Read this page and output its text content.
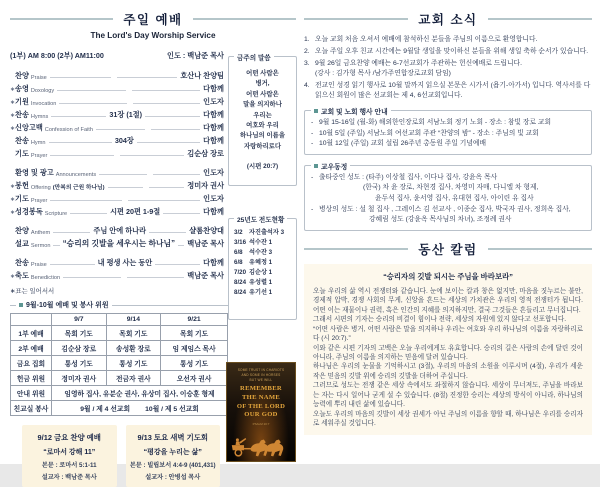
주일 예배
The Lord's Day Worship Service
(1부) AM 8:00 (2부) AM11:00	인도 : 백남준 목사
찬양 Praise	호산나 찬양팀
∗ 송영 Doxology	다함께
∗ 기원 Invocation	인도자
∗ 찬송 Hymns	31장 (1절)	다함께
∗ 신앙고백 Confession of Faith	다함께
찬송 Hymn	304장	다함께
기도 Prayer	김순삼 장로
환영 및 광고 Announcements	인도자
∗ 봉헌 Offering (만복의 근원 하나님)	정미자 권사
∗ 기도 Prayer	인도자
∗ 성경봉독 Scripture	시편 20편 1-9절	다함께
찬양 Anthem	주님 안에 하나라	샬롬찬양대
설교 Sermon “승리의 깃발을 세우시는 하나님” 백남준 목사
찬송 Praise	내 평생 사는 동안	다함께
∗ 축도 Benediction	백남준 목사
∗표는 일어서서
9월-10월 예배 및 봉사 위원
	9/7	9/14	9/21
1부 예배	목회 기도	목회 기도	목회 기도
2부 예배	김순삼 장로	송성환 장로	임 제임스 목사
금요 집회	통성 기도	통성 기도	통성 기도
헌금 위원	정미자 권사	전금자 권사	오선자 권사
안내 위원	임영하 집사, 유분순 권사, 유상미 집사, 이승훈 형제		
친교실 봉사	9월 / 제 4 선교회        10월 / 제 5 선교회		
9/12 금요 찬양 예배
“로마서 강해 11”
본문 : 로마서 5:1-11
설교자 : 백남준 목사
9/13 토요 새벽 기도회
“평강을 누리는 삶”
본문 : 빌립보서 4:4-9 (401,431)
설교자 : 안병섭 목사
금주의 말씀
어떤 사람은
병거,
어떤 사람은
말을 의지하나
우리는
여호와 우리
하나님의 이름을
자랑하리로다
(시편 20:7)
25년도 전도현황
3/2	자진출석자 3
3/16 석수잔 1
6/8	석수잔 3
6/8	유혜정 1
7/20 김순상 1
8/24 유성렬 1
8/24 유기선 1
SOME TRUST IN CHARIOTS
AND SOME IN HORSES
BUT WE WILL
REMEMBER
THE NAME
OF THE LORD
OUR GOD
PSALM 20:7
교회 소식
1. 오늘 교회 처음 오셔서 예배에 참석하신 분들을 주님의 이름으로 환영합니다.
2. 오늘 주일 오후 친교 시간에는 9월달 생일을 맞이하신 분들을 위해 생일 축하 순서가 있습니다.
3. 9월 26일 금요찬양 예배는 6-7선교회가 주관하는 헌신예배로 드립니다.
(강사 : 김가형 목사 /남가주연합장로교회 담임)
4. 전교인 성경 읽기 행사로 10월 말까지 읽으실 본문은 시가서 (욥기-아가서) 입니다. 역사서를 다 읽으신 회원이 많은 선교회는 제 4, 6선교회입니다.
교회 및 노회 행사 안내
- 9월 15-16일 (월-화) 해외한인장로회 서남노회 정기 노회 - 장소 : 참빛 장로 교회
- 10월 5일 (주일) 서남노회 여선교회 주관 “찬양의 밤” - 장소 : 주님의 빛 교회
- 10월 12일 (주일) 교회 설립 26주년 총동원 주일 기념예배
교우동정
- 출타중인 성도 : (타주) 이상철 집사, 이다나 집사, 강윤옥 목사
(한국) 차 윤 장로, 차현경 집사, 차영미 자매, 다니엘 차 형제,
윤두석 집사, 윤서영 집사, 유대현 집사, 아이린 유 집사
- 병상의 성도 : 설 철 집사 , 그레이스 김 선교사 , 이종순 집사, 박국자 권사, 정희옥 집사,
강혜림 성도 (강윤옥 목사님의 차녀), 조정례 권사
동산 칼럼
“승리자의 깃발 되시는 주님을 바라보라”
오늘 우리의 삶 역시 전쟁터와 같습니다. 눈에 보이는 칼과 창은 없지만, 마음을 짓누르는 불안, 경제적 압박, 경쟁 사회의 무게, 신앙을 흔드는 세상의 가치관은 우리의 영적 전쟁터가 됩니다. 어떤 이는 재물이나 권력, 혹은 인간의 지혜를 의지하지만, 결국 그것들은 흔들리고 무너집니다.
그래서 시편의 기자는 승리의 비결이 힘이나 전략, 세상의 자원에 있지 않다고 선포합니다.
“어떤 사람은 병거, 어떤 사람은 말을 의지하나 우리는 여호와 우리 하나님의 이름을 자랑하리로다 (시 20:7).”
이와 같은 시편 기자의 고백은 오늘 우리에게도 유효합니다. 승리의 길은 사람의 손에 달린 것이 아니라, 주님의 이름을 의지하는 믿음에 달려 있습니다.
하나님은 우리의 눈물을 기억하시고 (3절), 우리의 마음의 소원을 이루시며 (4절), 우리가 세운 작은 믿음의 깃발 위에 승리의 깃발을 더하여 주십니다.
그러므로 성도는 전쟁 같은 세상 속에서도 좌절하지 않습니다. 세상이 무너져도, 주님을 바라보는 자는 다시 일어나 굳게 설 수 있습니다. (8절) 진정한 승리는 세상의 방식이 아니라, 하나님의 능력에 뿌리 내린 삶에 있습니다.
오늘도 우리의 마음의 깃발이 세상 권세가 아닌 주님의 이름을 향할 때, 하나님은 우리를 승리자로 세워주실 것입니다.
